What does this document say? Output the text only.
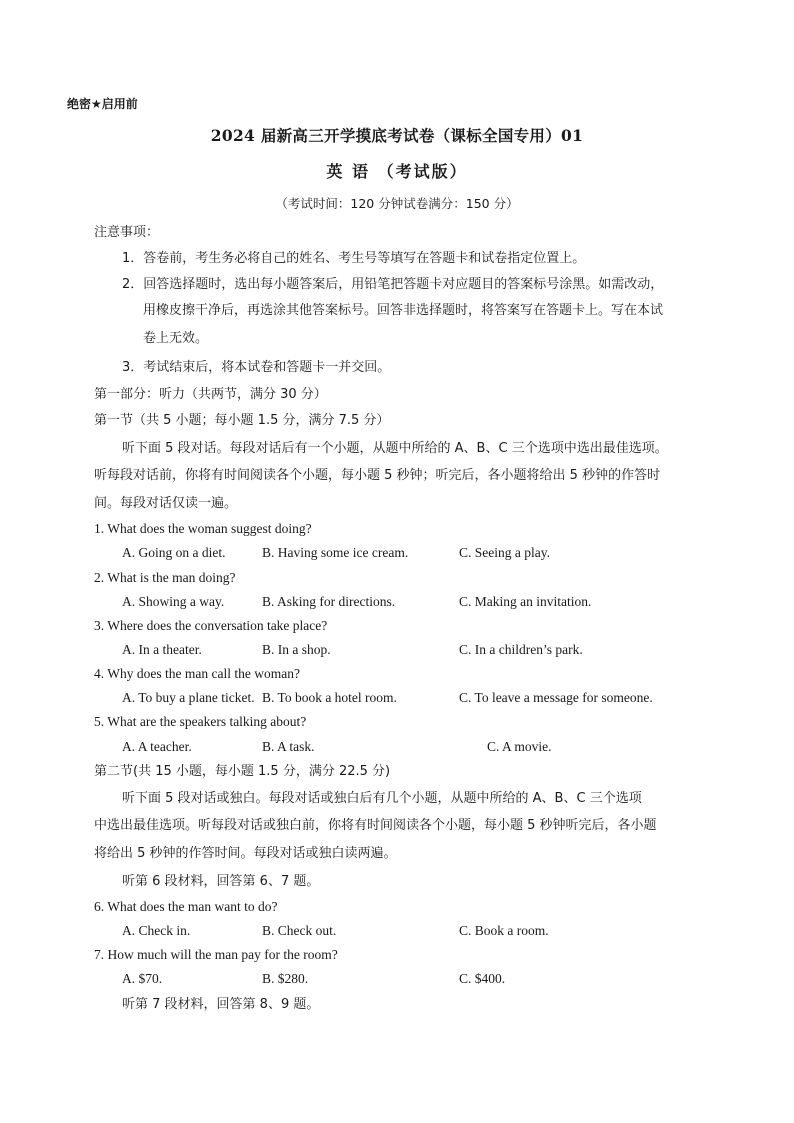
绝密★启用前
2024 届新高三开学摸底考试卷（课标全国专用）01
英 语 （考试版）
（考试时间：120 分钟试卷满分：150 分）
注意事项：
1．答卷前，考生务必将自己的姓名、考生号等填写在答题卡和试卷指定位置上。
2．回答选择题时，选出每小题答案后，用铅笔把答题卡对应题目的答案标号涂黑。如需改动，
用橡皮擦干净后，再选涂其他答案标号。回答非选择题时，将答案写在答题卡上。写在本试
卷上无效。
3．考试结束后，将本试卷和答题卡一并交回。
第一部分：听力（共两节，满分 30 分）
第一节（共 5 小题；每小题 1.5 分，满分 7.5 分）
听下面 5 段对话。每段对话后有一个小题，从题中所给的 A、B、C 三个选项中选出最佳选项。
听每段对话前，你将有时间阅读各个小题，每小题 5 秒钟；听完后，各小题将给出 5 秒钟的作答时
间。每段对话仅读一遍。
1. What does the woman suggest doing?
A. Going on a diet.	B. Having some ice cream.	C. Seeing a play.
2. What is the man doing?
A. Showing a way.	B. Asking for directions.	C. Making an invitation.
3. Where does the conversation take place?
A. In a theater.	B. In a shop.	C. In a children’s park.
4. Why does the man call the woman?
A. To buy a plane ticket. B. To book a hotel room.	C. To leave a message for someone.
5. What are the speakers talking about?
A. A teacher.	B. A task.	C. A movie.
第二节(共 15 小题，每小题 1.5 分，满分 22.5 分)
听下面 5 段对话或独白。每段对话或独白后有几个小题，从题中所给的 A、B、C 三个选项
中选出最佳选项。听每段对话或独白前，你将有时间阅读各个小题，每小题 5 秒钟听完后，各小题
将给出 5 秒钟的作答时间。每段对话或独白读两遍。
听第 6 段材料，回答第 6、7 题。
6. What does the man want to do?
A. Check in.	B. Check out.	C. Book a room.
7. How much will the man pay for the room?
A. $70.	B. $280.	C. $400.
听第 7 段材料，回答第 8、9 题。
